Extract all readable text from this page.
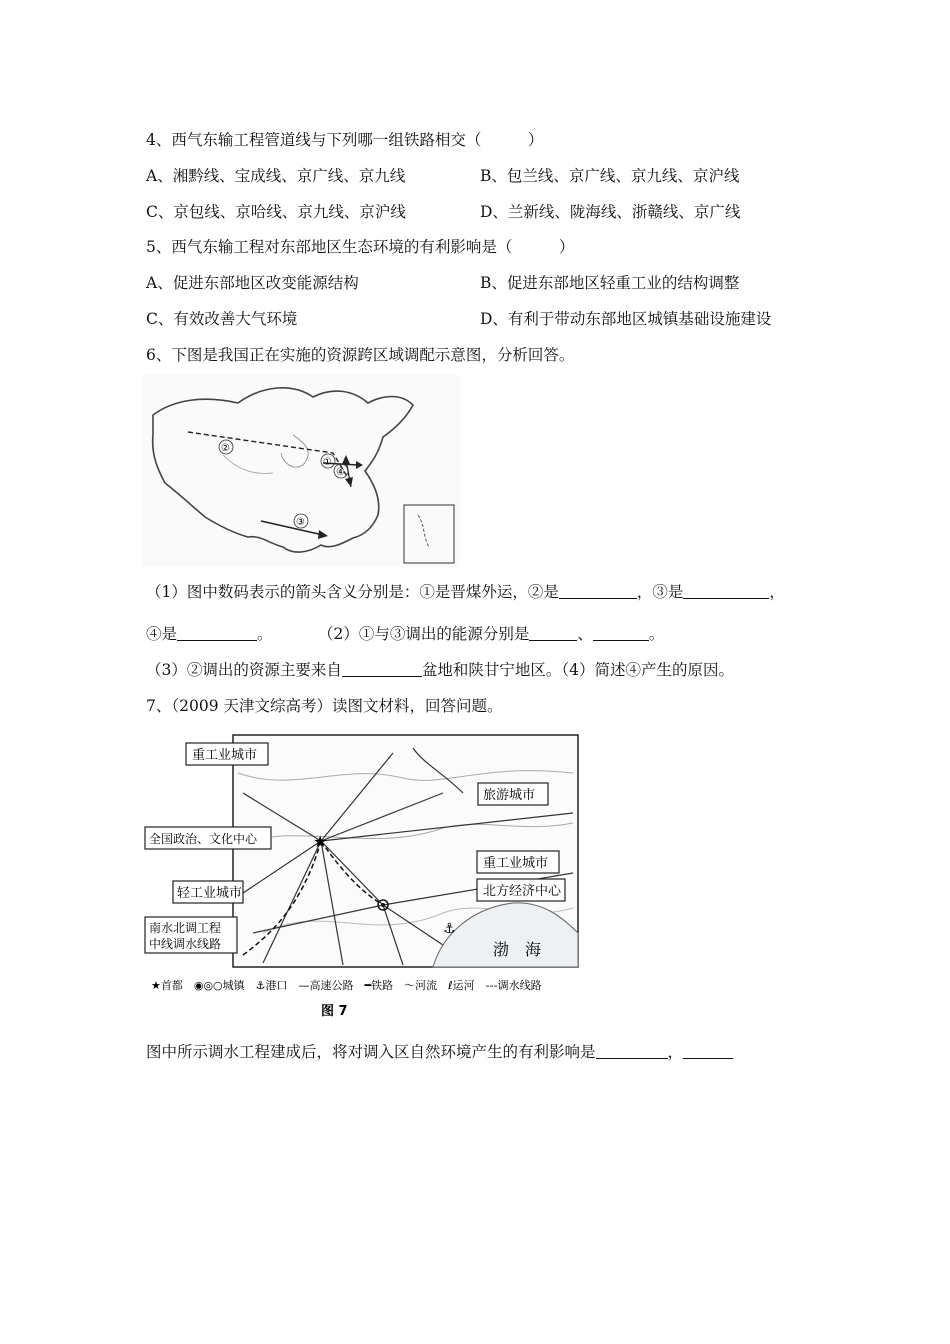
4、西气东输工程管道线与下列哪一组铁路相交（　　　）
A、湘黔线、宝成线、京广线、京九线	B、包兰线、京广线、京九线、京沪线
C、京包线、京哈线、京九线、京沪线	D、兰新线、陇海线、浙赣线、京广线
5、西气东输工程对东部地区生态环境的有利影响是（　　　）
A、促进东部地区改变能源结构	B、促进东部地区轻重工业的结构调整
C、有效改善大气环境	D、有利于带动东部地区城镇基础设施建设
6、下图是我国正在实施的资源跨区域调配示意图，分析回答。
②
①
④
③
（1）图中数码表示的箭头含义分别是：①是晋煤外运，②是	，③是	，
④是	。	（2）①与③调出的能源分别是	、	。
（3）②调出的资源主要来自	盆地和陕甘宁地区。（4）简述④产生的原因。
7、（2009 天津文综高考）读图文材料，回答问题。
★
渤　海
⚓
重工业城市
旅游城市
全国政治、文化中心
重工业城市
轻工业城市	北方经济中心
南水北调工程
中线调水线路
★首都　◉◎○城镇　⚓港口　—高速公路　━铁路　～河流　ℓ运河　---调水线路
图 7
图中所示调水工程建成后，将对调入区自然环境产生的有利影响是	，
